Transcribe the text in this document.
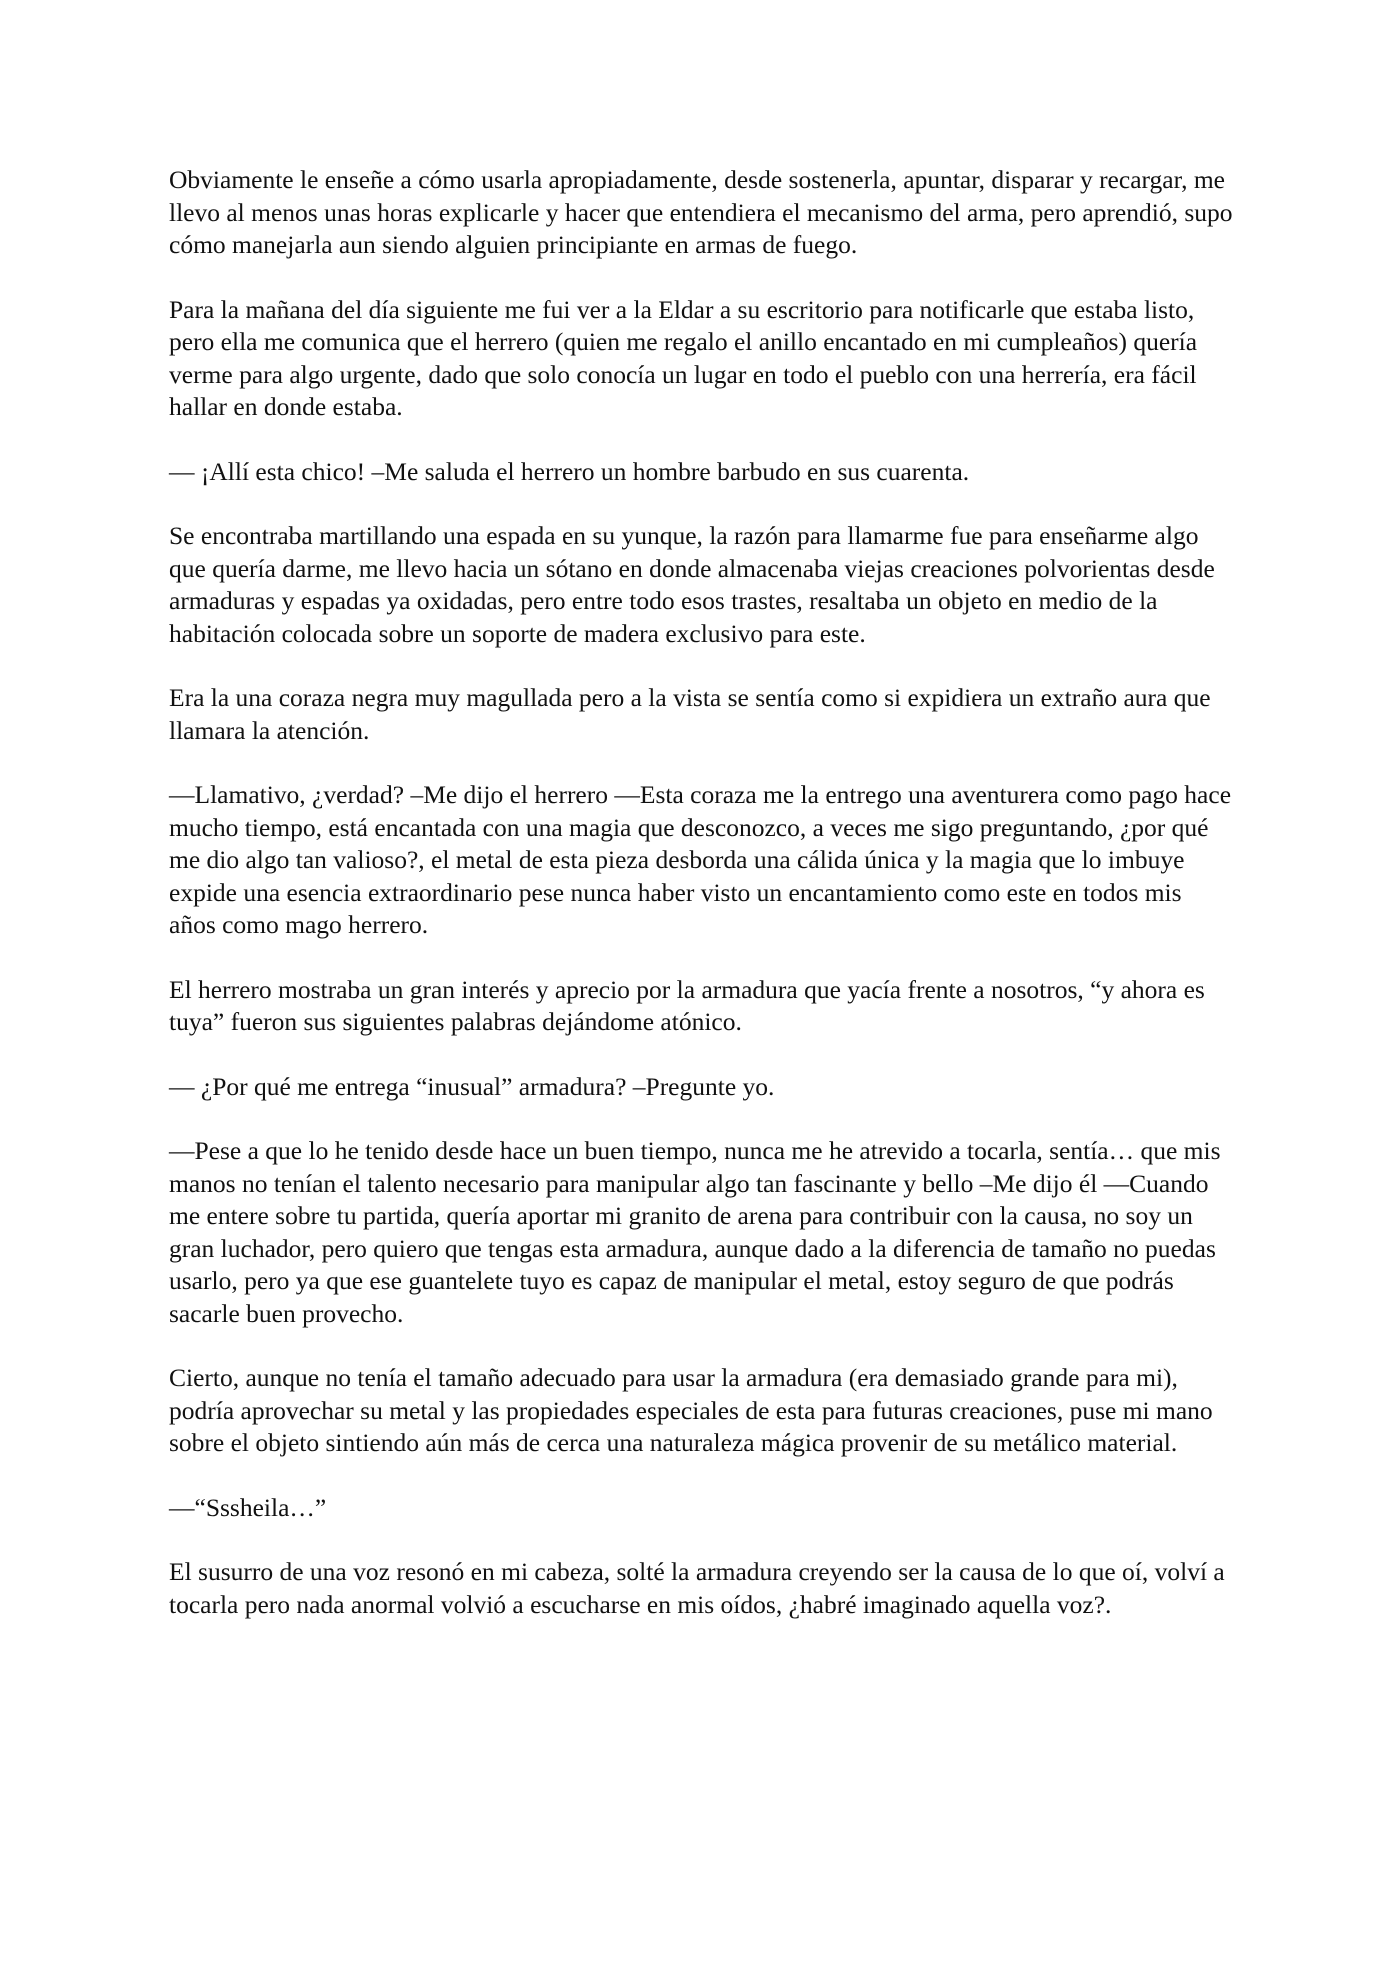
Obviamente le enseñe a cómo usarla apropiadamente, desde sostenerla, apuntar, disparar y recargar, me llevo al menos unas horas explicarle y hacer que entendiera el mecanismo del arma, pero aprendió, supo cómo manejarla aun siendo alguien principiante en armas de fuego.

Para la mañana del día siguiente me fui ver a la Eldar a su escritorio para notificarle que estaba listo, pero ella me comunica que el herrero (quien me regalo el anillo encantado en mi cumpleaños) quería verme para algo urgente, dado que solo conocía un lugar en todo el pueblo con una herrería, era fácil hallar en donde estaba.

— ¡Allí esta chico! –Me saluda el herrero un hombre barbudo en sus cuarenta.

Se encontraba martillando una espada en su yunque, la razón para llamarme fue para enseñarme algo que quería darme, me llevo hacia un sótano en donde almacenaba viejas creaciones polvorientas desde armaduras y espadas ya oxidadas, pero entre todo esos trastes, resaltaba un objeto en medio de la habitación colocada sobre un soporte de madera exclusivo para este.

Era la una coraza negra muy magullada pero a la vista se sentía como si expidiera un extraño aura que llamara la atención.

—Llamativo, ¿verdad? –Me dijo el herrero —Esta coraza me la entrego una aventurera como pago hace mucho tiempo, está encantada con una magia que desconozco, a veces me sigo preguntando, ¿por qué me dio algo tan valioso?, el metal de esta pieza desborda una cálida única y la magia que lo imbuye expide una esencia extraordinario pese nunca haber visto un encantamiento como este en todos mis años como mago herrero.

El herrero mostraba un gran interés y aprecio por la armadura que yacía frente a nosotros, “y ahora es tuya” fueron sus siguientes palabras dejándome atónico.

— ¿Por qué me entrega “inusual” armadura? –Pregunte yo.

—Pese a que lo he tenido desde hace un buen tiempo, nunca me he atrevido a tocarla, sentía… que mis manos no tenían el talento necesario para manipular algo tan fascinante y bello –Me dijo él —Cuando me entere sobre tu partida, quería aportar mi granito de arena para contribuir con la causa, no soy un gran luchador, pero quiero que tengas esta armadura, aunque dado a la diferencia de tamaño no puedas usarlo, pero ya que ese guantelete tuyo es capaz de manipular el metal, estoy seguro de que podrás sacarle buen provecho.

Cierto, aunque no tenía el tamaño adecuado para usar la armadura (era demasiado grande para mi), podría aprovechar su metal y las propiedades especiales de esta para futuras creaciones, puse mi mano sobre el objeto sintiendo aún más de cerca una naturaleza mágica provenir de su metálico material.

—“Sssheila…”

El susurro de una voz resonó en mi cabeza, solté la armadura creyendo ser la causa de lo que oí, volví a tocarla pero nada anormal volvió a escucharse en mis oídos, ¿habré imaginado aquella voz?.
